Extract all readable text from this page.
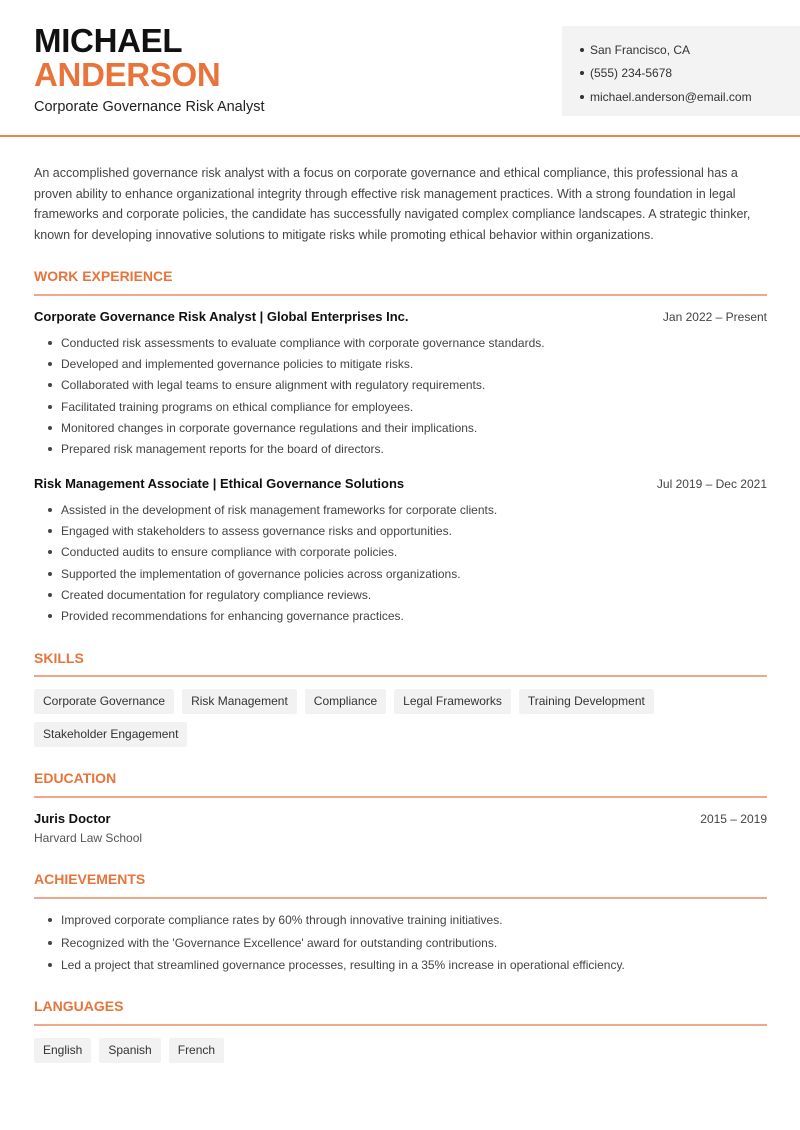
MICHAEL
ANDERSON
Corporate Governance Risk Analyst
San Francisco, CA
(555) 234-5678
michael.anderson@email.com

An accomplished governance risk analyst with a focus on corporate governance and ethical compliance, this professional has a proven ability to enhance organizational integrity through effective risk management practices. With a strong foundation in legal frameworks and corporate policies, the candidate has successfully navigated complex compliance landscapes. A strategic thinker, known for developing innovative solutions to mitigate risks while promoting ethical behavior within organizations.

WORK EXPERIENCE
Corporate Governance Risk Analyst | Global Enterprises Inc.	Jan 2022 – Present
Conducted risk assessments to evaluate compliance with corporate governance standards.
Developed and implemented governance policies to mitigate risks.
Collaborated with legal teams to ensure alignment with regulatory requirements.
Facilitated training programs on ethical compliance for employees.
Monitored changes in corporate governance regulations and their implications.
Prepared risk management reports for the board of directors.
Risk Management Associate | Ethical Governance Solutions	Jul 2019 – Dec 2021
Assisted in the development of risk management frameworks for corporate clients.
Engaged with stakeholders to assess governance risks and opportunities.
Conducted audits to ensure compliance with corporate policies.
Supported the implementation of governance policies across organizations.
Created documentation for regulatory compliance reviews.
Provided recommendations for enhancing governance practices.
SKILLS
Corporate Governance	Risk Management	Compliance	Legal Frameworks	Training Development
Stakeholder Engagement
EDUCATION
Juris Doctor	2015 – 2019
Harvard Law School
ACHIEVEMENTS
Improved corporate compliance rates by 60% through innovative training initiatives.
Recognized with the 'Governance Excellence' award for outstanding contributions.
Led a project that streamlined governance processes, resulting in a 35% increase in operational efficiency.
LANGUAGES
English	Spanish	French
